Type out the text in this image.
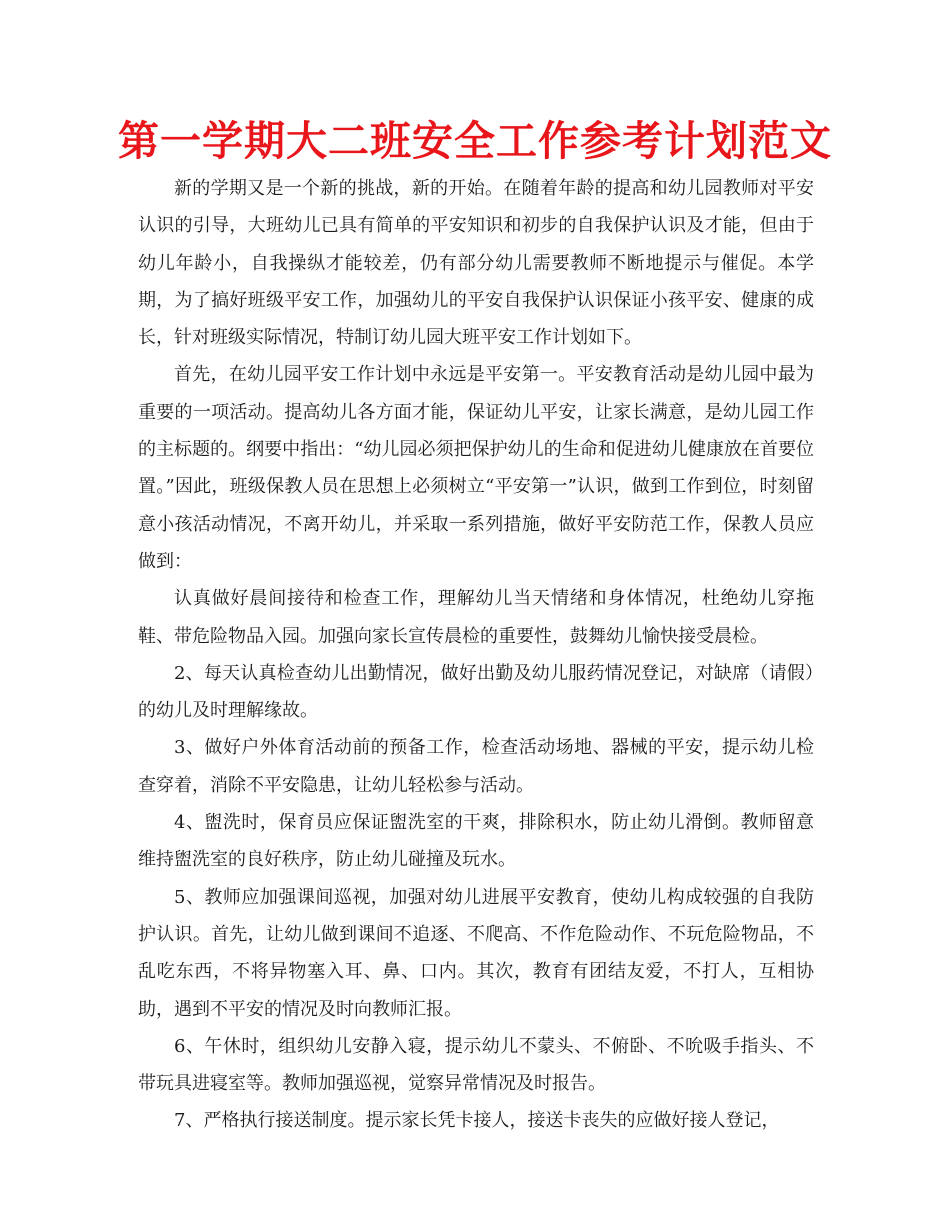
第一学期大二班安全工作参考计划范文

新的学期又是一个新的挑战，新的开始。在随着年龄的提高和幼儿园教师对平安认识的引导，大班幼儿已具有简单的平安知识和初步的自我保护认识及才能，但由于幼儿年龄小，自我操纵才能较差，仍有部分幼儿需要教师不断地提示与催促。本学期，为了搞好班级平安工作，加强幼儿的平安自我保护认识保证小孩平安、健康的成长，针对班级实际情况，特制订幼儿园大班平安工作计划如下。

首先，在幼儿园平安工作计划中永远是平安第一。平安教育活动是幼儿园中最为重要的一项活动。提高幼儿各方面才能，保证幼儿平安，让家长满意，是幼儿园工作的主标题的。纲要中指出：“幼儿园必须把保护幼儿的生命和促进幼儿健康放在首要位置。”因此，班级保教人员在思想上必须树立“平安第一”认识，做到工作到位，时刻留意小孩活动情况，不离开幼儿，并采取一系列措施，做好平安防范工作，保教人员应做到：

认真做好晨间接待和检查工作，理解幼儿当天情绪和身体情况，杜绝幼儿穿拖鞋、带危险物品入园。加强向家长宣传晨检的重要性，鼓舞幼儿愉快接受晨检。

2、每天认真检查幼儿出勤情况，做好出勤及幼儿服药情况登记，对缺席（请假）的幼儿及时理解缘故。

3、做好户外体育活动前的预备工作，检查活动场地、器械的平安，提示幼儿检查穿着，消除不平安隐患，让幼儿轻松参与活动。

4、盥洗时，保育员应保证盥洗室的干爽，排除积水，防止幼儿滑倒。教师留意维持盥洗室的良好秩序，防止幼儿碰撞及玩水。

5、教师应加强课间巡视，加强对幼儿进展平安教育，使幼儿构成较强的自我防护认识。首先，让幼儿做到课间不追逐、不爬高、不作危险动作、不玩危险物品，不乱吃东西，不将异物塞入耳、鼻、口内。其次，教育有团结友爱，不打人，互相协助，遇到不平安的情况及时向教师汇报。

6、午休时，组织幼儿安静入寝，提示幼儿不蒙头、不俯卧、不吮吸手指头、不带玩具进寝室等。教师加强巡视，觉察异常情况及时报告。

7、严格执行接送制度。提示家长凭卡接人，接送卡丧失的应做好接人登记，
